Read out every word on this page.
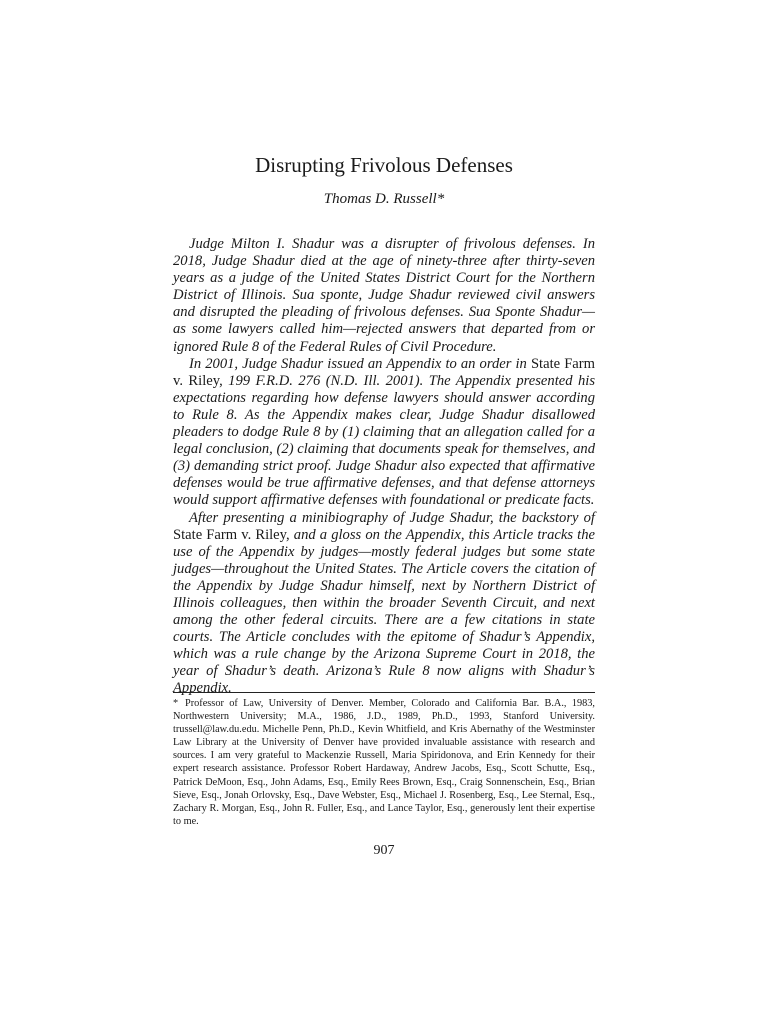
Disrupting Frivolous Defenses
Thomas D. Russell*

Judge Milton I. Shadur was a disrupter of frivolous defenses. In 2018, Judge Shadur died at the age of ninety-three after thirty-seven years as a judge of the United States District Court for the Northern District of Illinois. Sua sponte, Judge Shadur reviewed civil answers and disrupted the pleading of frivolous defenses. Sua Sponte Shadur—as some lawyers called him—rejected answers that departed from or ignored Rule 8 of the Federal Rules of Civil Procedure.

In 2001, Judge Shadur issued an Appendix to an order in State Farm v. Riley, 199 F.R.D. 276 (N.D. Ill. 2001). The Appendix presented his expectations regarding how defense lawyers should answer according to Rule 8. As the Appendix makes clear, Judge Shadur disallowed pleaders to dodge Rule 8 by (1) claiming that an allegation called for a legal conclusion, (2) claiming that documents speak for themselves, and (3) demanding strict proof. Judge Shadur also expected that affirmative defenses would be true affirmative defenses, and that defense attorneys would support affirmative defenses with foundational or predicate facts.

After presenting a minibiography of Judge Shadur, the backstory of State Farm v. Riley, and a gloss on the Appendix, this Article tracks the use of the Appendix by judges—mostly federal judges but some state judges—throughout the United States. The Article covers the citation of the Appendix by Judge Shadur himself, next by Northern District of Illinois colleagues, then within the broader Seventh Circuit, and next among the other federal circuits. There are a few citations in state courts. The Article concludes with the epitome of Shadur’s Appendix, which was a rule change by the Arizona Supreme Court in 2018, the year of Shadur’s death. Arizona’s Rule 8 now aligns with Shadur’s Appendix.

* Professor of Law, University of Denver. Member, Colorado and California Bar. B.A., 1983, Northwestern University; M.A., 1986, J.D., 1989, Ph.D., 1993, Stanford University. trussell@law.du.edu. Michelle Penn, Ph.D., Kevin Whitfield, and Kris Abernathy of the Westminster Law Library at the University of Denver have provided invaluable assistance with research and sources. I am very grateful to Mackenzie Russell, Maria Spiridonova, and Erin Kennedy for their expert research assistance. Professor Robert Hardaway, Andrew Jacobs, Esq., Scott Schutte, Esq., Patrick DeMoon, Esq., John Adams, Esq., Emily Rees Brown, Esq., Craig Sonnenschein, Esq., Brian Sieve, Esq., Jonah Orlovsky, Esq., Dave Webster, Esq., Michael J. Rosenberg, Esq., Lee Sternal, Esq., Zachary R. Morgan, Esq., John R. Fuller, Esq., and Lance Taylor, Esq., generously lent their expertise to me.

907
